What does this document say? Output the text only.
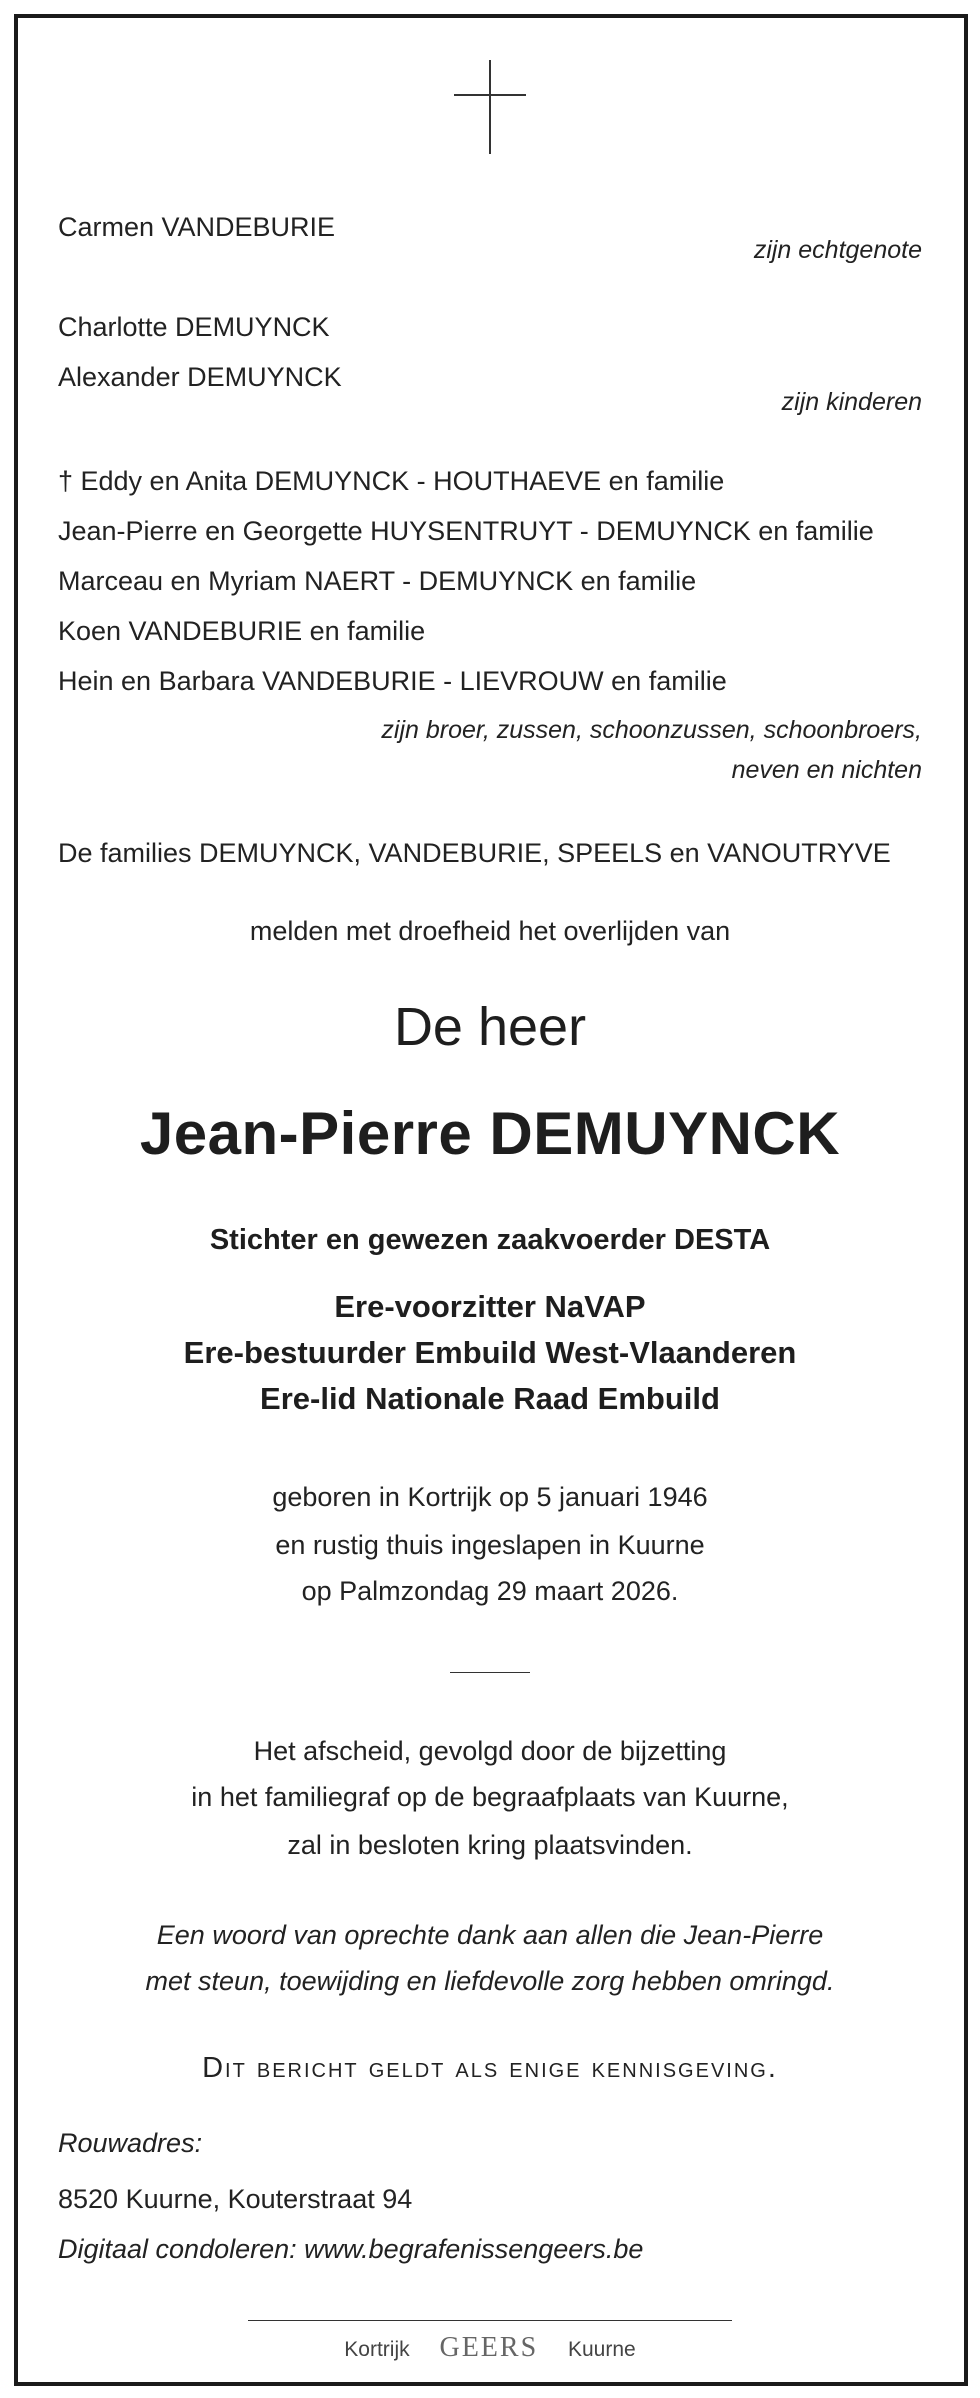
Carmen VANDEBURIE
zijn echtgenote
Charlotte DEMUYNCK
Alexander DEMUYNCK
zijn kinderen
† Eddy en Anita DEMUYNCK - HOUTHAEVE en familie
Jean-Pierre en Georgette HUYSENTRUYT - DEMUYNCK en familie
Marceau en Myriam NAERT - DEMUYNCK en familie
Koen VANDEBURIE en familie
Hein en Barbara VANDEBURIE - LIEVROUW en familie
zijn broer, zussen, schoonzussen, schoonbroers,
neven en nichten
De families DEMUYNCK, VANDEBURIE, SPEELS en VANOUTRYVE
melden met droefheid het overlijden van
De heer
Jean-Pierre DEMUYNCK
Stichter en gewezen zaakvoerder DESTA
Ere-voorzitter NaVAP
Ere-bestuurder Embuild West-Vlaanderen
Ere-lid Nationale Raad Embuild
geboren in Kortrijk op 5 januari 1946
en rustig thuis ingeslapen in Kuurne
op Palmzondag 29 maart 2026.
Het afscheid, gevolgd door de bijzetting
in het familiegraf op de begraafplaats van Kuurne,
zal in besloten kring plaatsvinden.
Een woord van oprechte dank aan allen die Jean-Pierre
met steun, toewijding en liefdevolle zorg hebben omringd.
Dit bericht geldt als enige kennisgeving.
Rouwadres:
8520 Kuurne, Kouterstraat 94
Digitaal condoleren: www.begrafenissengeers.be
Kortrijk GEERS Kuurne
